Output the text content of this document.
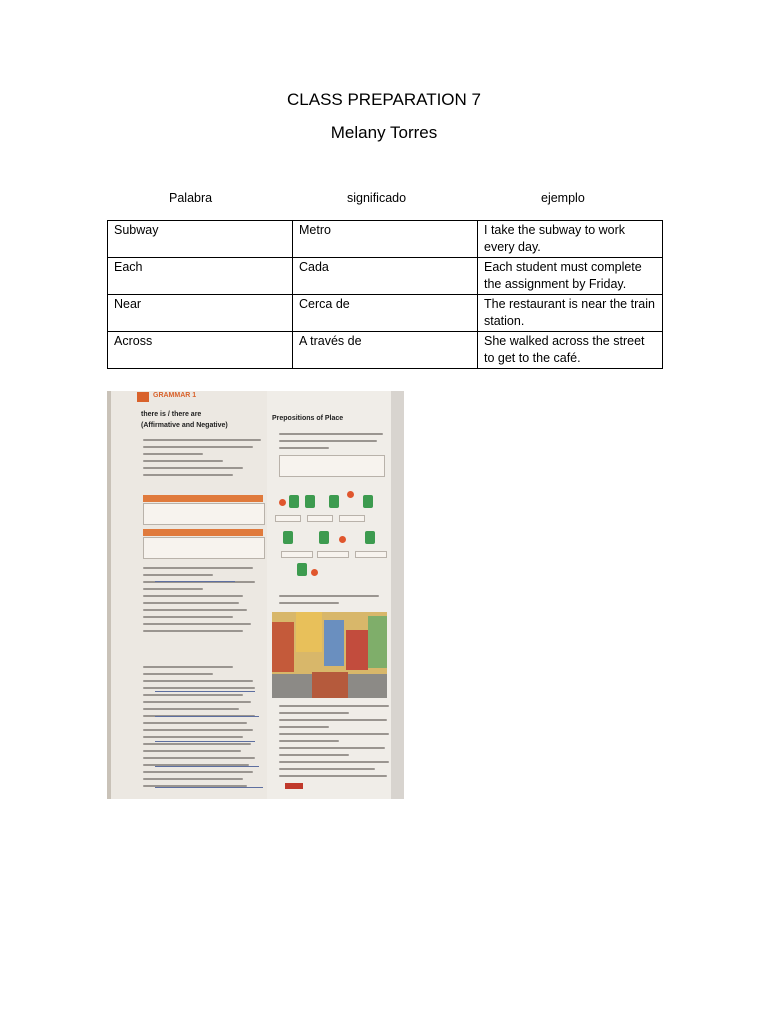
CLASS PREPARATION 7
Melany Torres
Palabra	significado	ejemplo
Subway	Metro	I take the subway to work every day.
Each	Cada	Each student must complete the assignment by Friday.
Near	Cerca de	The restaurant is near the train station.
Across	A través de	She walked across the street to get to the café.
GRAMMAR 1
there is / there are
(Affirmative and Negative)
Prepositions of Place
